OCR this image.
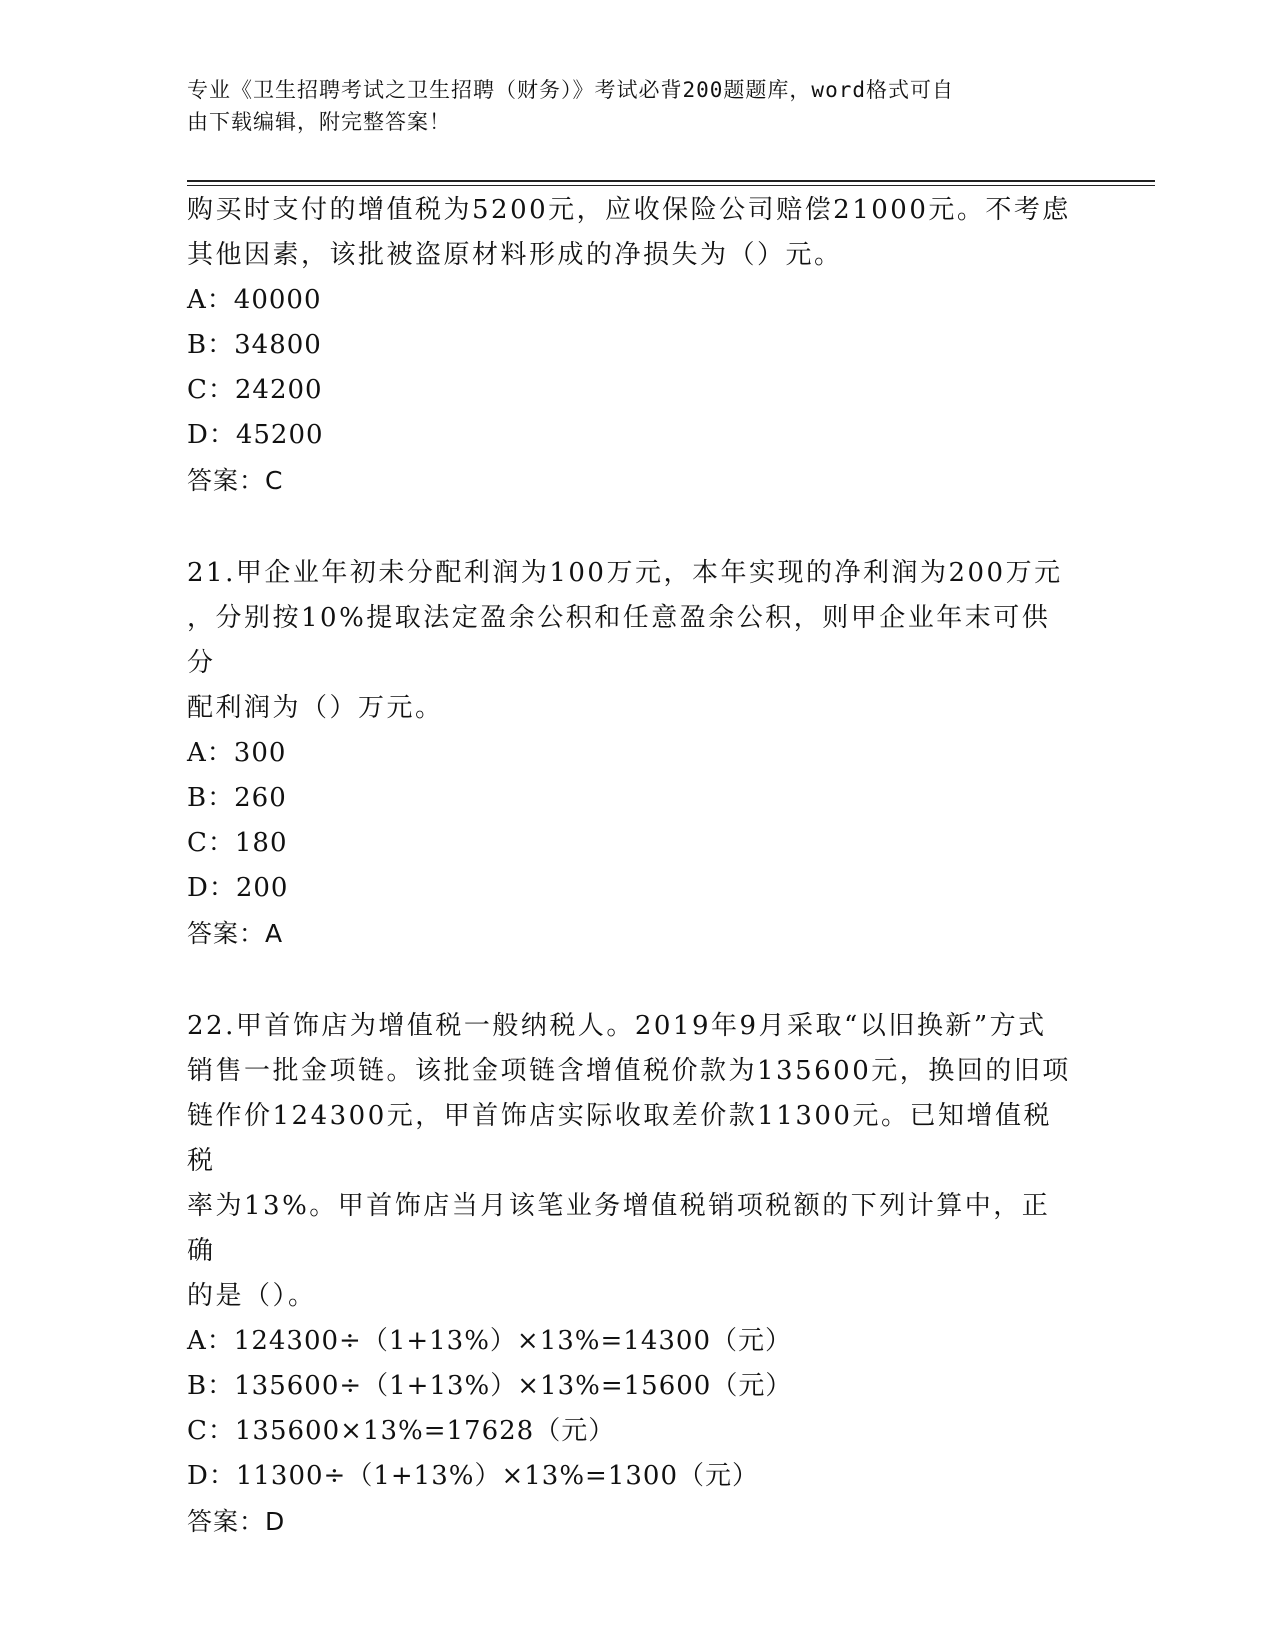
专业《卫生招聘考试之卫生招聘（财务）》考试必背200题题库，word格式可自
由下载编辑，附完整答案！

购买时支付的增值税为5200元，应收保险公司赔偿21000元。不考虑

其他因素，该批被盗原材料形成的净损失为（）元。

A：40000

B：34800

C：24200

D：45200

答案：C

21.甲企业年初未分配利润为100万元，本年实现的净利润为200万元

，分别按10%提取法定盈余公积和任意盈余公积，则甲企业年末可供分

配利润为（）万元。

A：300

B：260

C：180

D：200

答案：A

22.甲首饰店为增值税一般纳税人。2019年9月采取“以旧换新”方式

销售一批金项链。该批金项链含增值税价款为135600元，换回的旧项

链作价124300元，甲首饰店实际收取差价款11300元。已知增值税税

率为13%。甲首饰店当月该笔业务增值税销项税额的下列计算中，正确

的是（）。

A：124300÷（1+13%）×13%=14300（元）

B：135600÷（1+13%）×13%=15600（元）

C：135600×13%=17628（元）

D：11300÷（1+13%）×13%=1300（元）

答案：D
